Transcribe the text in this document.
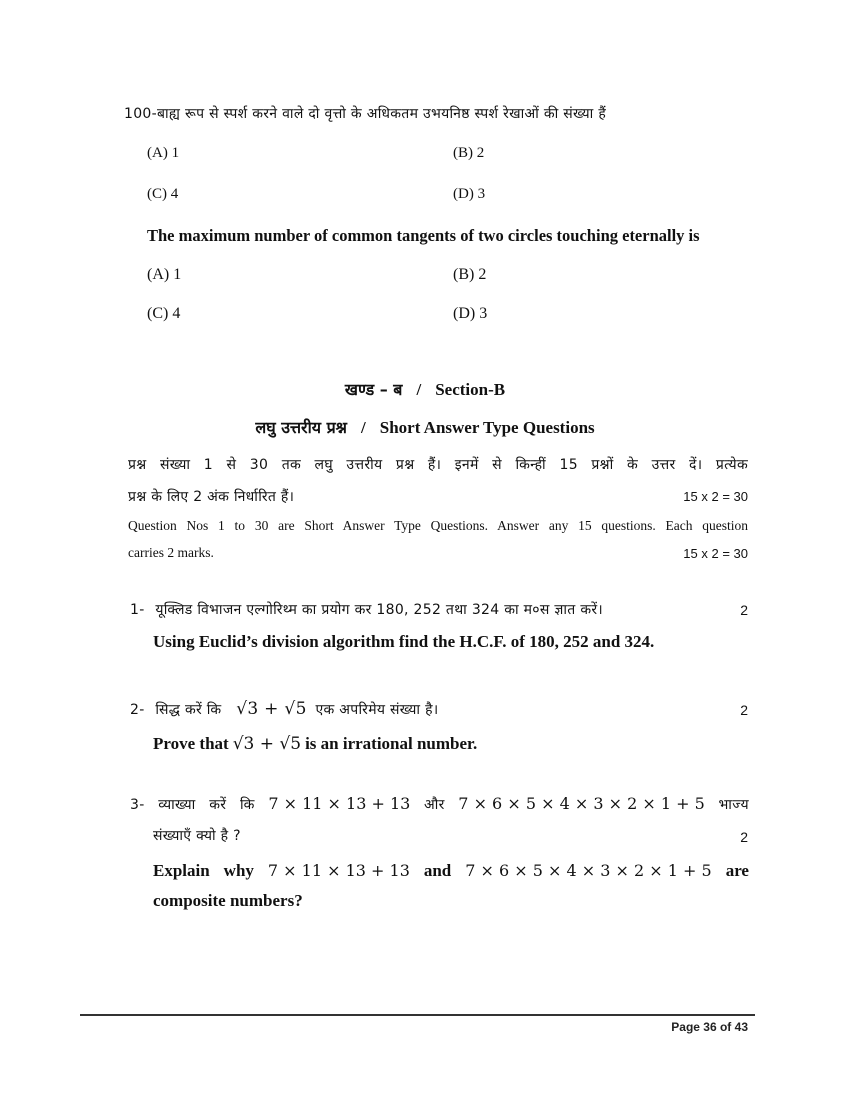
100-बाह्य रूप से स्पर्श करने वाले दो वृत्तो के अधिकतम उभयनिष्ठ स्पर्श रेखाओं की संख्या हैं
(A) 1	(B) 2
(C) 4	(D) 3
The maximum number of common tangents of two circles touching eternally is
(A) 1	(B) 2
(C) 4	(D) 3
खण्ड – ब / Section-B
लघु उत्तरीय प्रश्न / Short Answer Type Questions
प्रश्न संख्या 1 से 30 तक लघु उत्तरीय प्रश्न हैं। इनमें से किन्हीं 15 प्रश्नों के उत्तर दें। प्रत्येक
प्रश्न के लिए 2 अंक निर्धारित हैं।	15 x 2 = 30
Question Nos 1 to 30 are Short Answer Type Questions. Answer any 15 questions. Each question
carries 2 marks.	15 x 2 = 30
1- यूक्लिड विभाजन एल्गोरिथ्म का प्रयोग कर 180, 252 तथा 324 का म०स ज्ञात करें।	2
Using Euclid’s division algorithm find the H.C.F. of 180, 252 and 324.
2- सिद्ध करें कि √3 + √5 एक अपरिमेय संख्या है।	2
Prove that √3 + √5 is an irrational number.
3- व्याख्या करें कि 7 × 11 × 13 + 13 और 7 × 6 × 5 × 4 × 3 × 2 × 1 + 5 भाज्य
संख्याएँ क्यो है ?	2
Explain why 7 × 11 × 13 + 13 and 7 × 6 × 5 × 4 × 3 × 2 × 1 + 5 are
composite numbers?
Page 36 of 43
